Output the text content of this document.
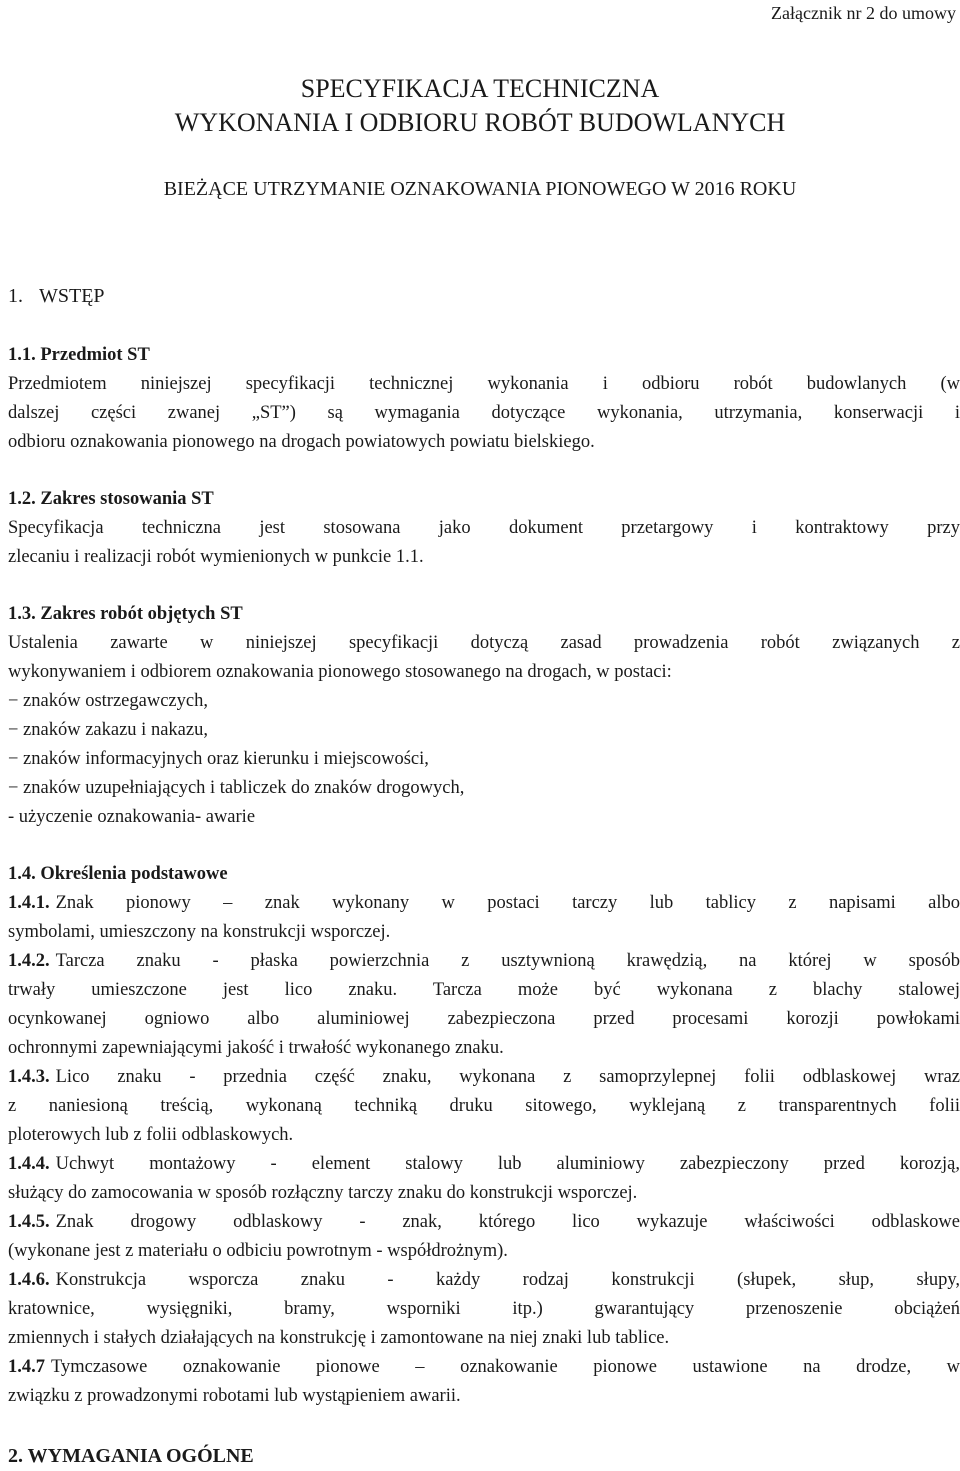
Załącznik nr 2 do umowy
SPECYFIKACJA TECHNICZNA
WYKONANIA I ODBIORU ROBÓT BUDOWLANYCH
BIEŻĄCE UTRZYMANIE OZNAKOWANIA PIONOWEGO W 2016 ROKU

1. WSTĘP

1.1. Przedmiot ST

Przedmiotem niniejszej specyfikacji technicznej wykonania i odbioru robót budowlanych (w

dalszej części zwanej „ST”) są wymagania dotyczące wykonania, utrzymania, konserwacji i

odbioru oznakowania pionowego na drogach powiatowych powiatu bielskiego.

1.2. Zakres stosowania ST

Specyfikacja techniczna jest stosowana jako dokument przetargowy i kontraktowy przy

zlecaniu i realizacji robót wymienionych w punkcie 1.1.

1.3. Zakres robót objętych ST

Ustalenia zawarte w niniejszej specyfikacji dotyczą zasad prowadzenia robót związanych z

wykonywaniem i odbiorem oznakowania pionowego stosowanego na drogach, w postaci:

− znaków ostrzegawczych,

− znaków zakazu i nakazu,

− znaków informacyjnych oraz kierunku i miejscowości,

− znaków uzupełniających i tabliczek do znaków drogowych,

- użyczenie oznakowania- awarie

1.4. Określenia podstawowe

1.4.1. Znak pionowy – znak wykonany w postaci tarczy lub tablicy z napisami albo

symbolami, umieszczony na konstrukcji wsporczej.

1.4.2. Tarcza znaku - płaska powierzchnia z usztywnioną krawędzią, na której w sposób

trwały umieszczone jest lico znaku. Tarcza może być wykonana z blachy stalowej

ocynkowanej ogniowo albo aluminiowej zabezpieczona przed procesami korozji powłokami

ochronnymi zapewniającymi jakość i trwałość wykonanego znaku.

1.4.3. Lico znaku - przednia część znaku, wykonana z samoprzylepnej folii odblaskowej wraz

z naniesioną treścią, wykonaną techniką druku sitowego, wyklejaną z transparentnych folii

ploterowych lub z folii odblaskowych.

1.4.4. Uchwyt montażowy - element stalowy lub aluminiowy zabezpieczony przed korozją,

służący do zamocowania w sposób rozłączny tarczy znaku do konstrukcji wsporczej.

1.4.5. Znak drogowy odblaskowy - znak, którego lico wykazuje właściwości odblaskowe

(wykonane jest z materiału o odbiciu powrotnym - współdrożnym).

1.4.6. Konstrukcja wsporcza znaku - każdy rodzaj konstrukcji (słupek, słup, słupy,

kratownice, wysięgniki, bramy, wsporniki itp.) gwarantujący przenoszenie obciążeń

zmiennych i stałych działających na konstrukcję i zamontowane na niej znaki lub tablice.

1.4.7 Tymczasowe oznakowanie pionowe – oznakowanie pionowe ustawione na drodze, w

związku z prowadzonymi robotami lub wystąpieniem awarii.

2. WYMAGANIA OGÓLNE
